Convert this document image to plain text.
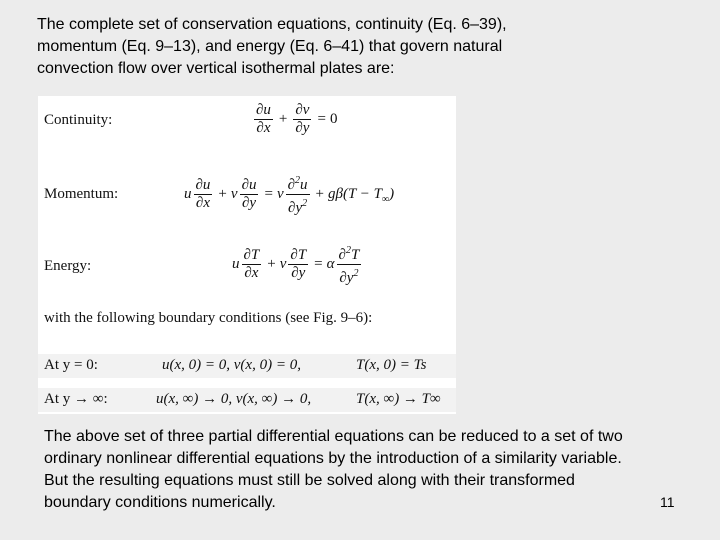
The complete set of conservation equations, continuity (Eq. 6–39), momentum (Eq. 9–13), and energy (Eq. 6–41) that govern natural convection flow over vertical isothermal plates are:
Continuity:	$\frac{\partial u}{\partial x} + \frac{\partial v}{\partial y} = 0$
Momentum:	u $\frac{\partial u}{\partial x} + v \frac{\partial u}{\partial y} = \nu \frac{\partial^2u}{\partial y^2} + g\beta(T - T_\infty)$
Energy:	u $\frac{\partial T}{\partial x} + v \frac{\partial T}{\partial y} = \alpha \frac{\partial^2T}{\partial y^2}$
with the following boundary conditions (see Fig. 9–6):
At y = 0:	u(x, 0) = 0, v(x, 0) = 0,	T(x, 0) = Ts
At y → ∞:	u(x, ∞) → 0, v(x, ∞) → 0,	T(x, ∞) → T∞
The above set of three partial differential equations can be reduced to a set of two ordinary nonlinear differential equations by the introduction of a similarity variable. But the resulting equations must still be solved along with their transformed boundary conditions numerically.	11
